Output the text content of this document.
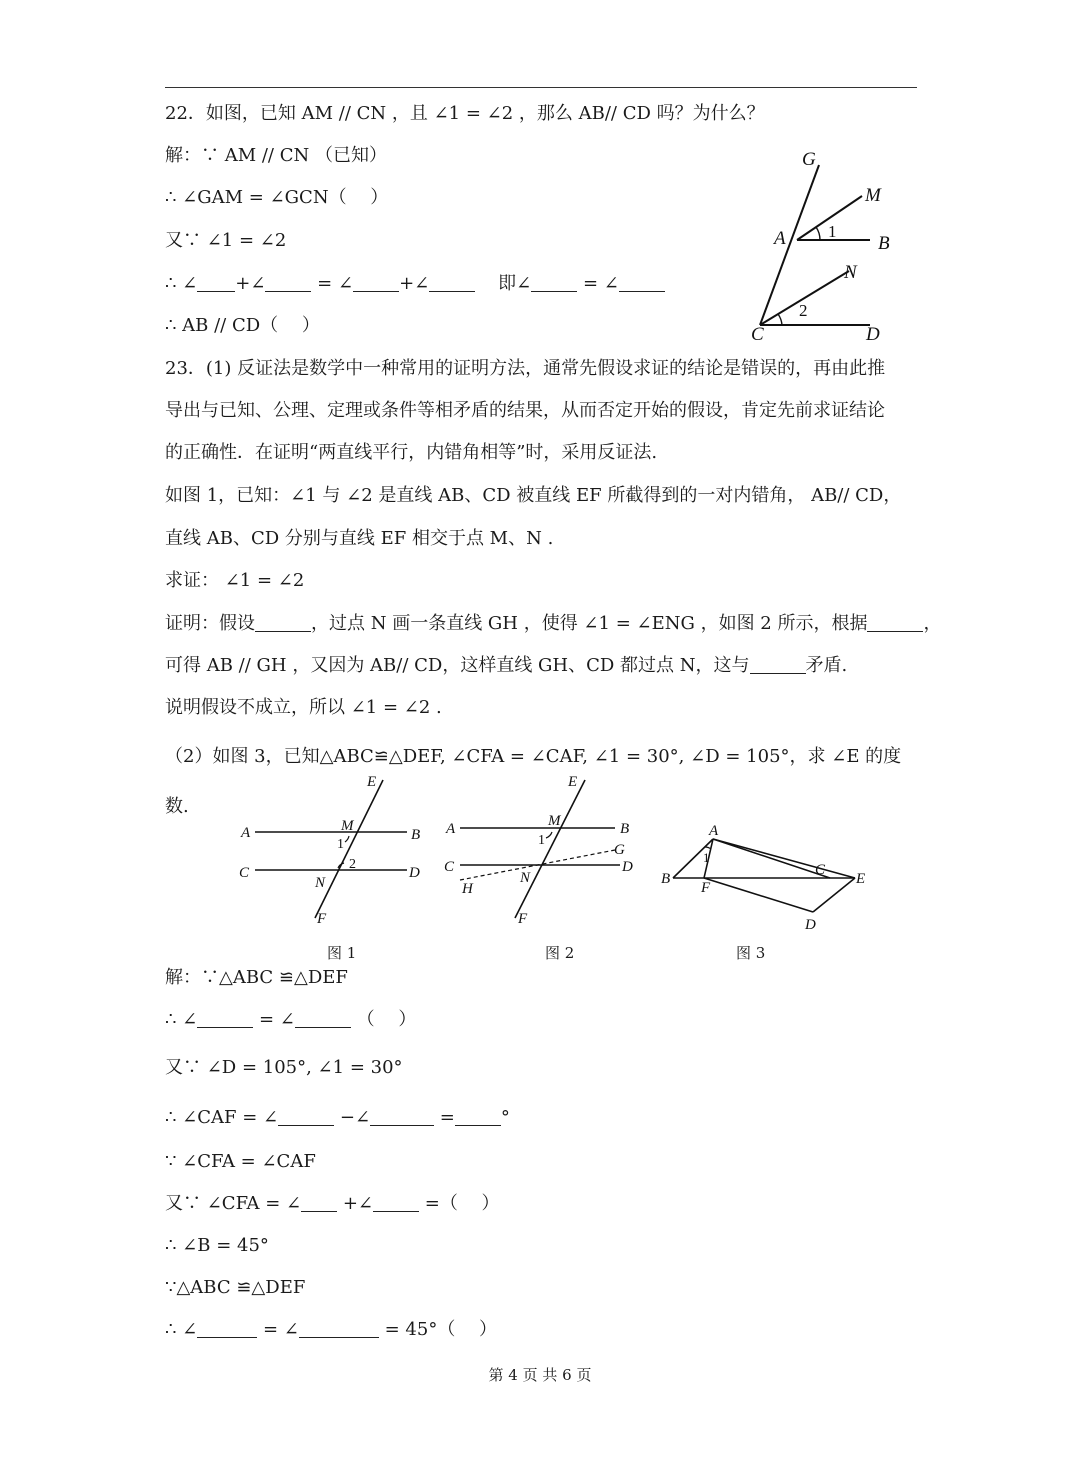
22．如图，已知 AM // CN ，且 ∠1 = ∠2 ，那么 AB// CD 吗？为什么？
解：∵ AM // CN （已知）
∴ ∠GAM = ∠GCN（　 ）
又∵ ∠1 = ∠2
∴ ∠ +∠	= ∠	+∠	即∠	= ∠
∴ AB // CD（　 ）
G
M
A 1
B
N
2
C	D
23．(1) 反证法是数学中一种常用的证明方法，通常先假设求证的结论是错误的，再由此推
导出与已知、公理、定理或条件等相矛盾的结果，从而否定开始的假设，肯定先前求证结论
的正确性．在证明“两直线平行，内错角相等”时，采用反证法.
如图 1，已知：∠1 与 ∠2 是直线 AB、CD 被直线 EF 所截得到的一对内错角， AB// CD，
直线 AB、CD 分别与直线 EF 相交于点 M、N .
求证： ∠1 = ∠2
证明：假设	，过点 N 画一条直线 GH ，使得 ∠1 = ∠ENG ，如图 2 所示，根据	，
可得 AB // GH ，又因为 AB// CD，这样直线 GH、CD 都过点 N，这与	矛盾.
说明假设不成立，所以 ∠1 = ∠2 .
（2）如图 3，已知△ABC≌△DEF, ∠CFA = ∠CAF, ∠1 = 30°, ∠D = 105°，求 ∠E 的度
数.
E
A	M
B
1
2
C
N
D
F
图 1
E
A	M	B
1
G
C	D
H
N
F
图 2
A
1
B
F
C
E
D
图 3
解：∵△ABC ≌△DEF
∴ ∠	= ∠	（　 ）
又∵ ∠D = 105°, ∠1 = 30°
∴ ∠CAF = ∠	−∠	=	°
∵ ∠CFA = ∠CAF
又∵ ∠CFA = ∠ +∠	=（　 ）
∴ ∠B = 45°
∵△ABC ≌△DEF
∴ ∠	= ∠	= 45°（　 ）
第 4 页 共 6 页
